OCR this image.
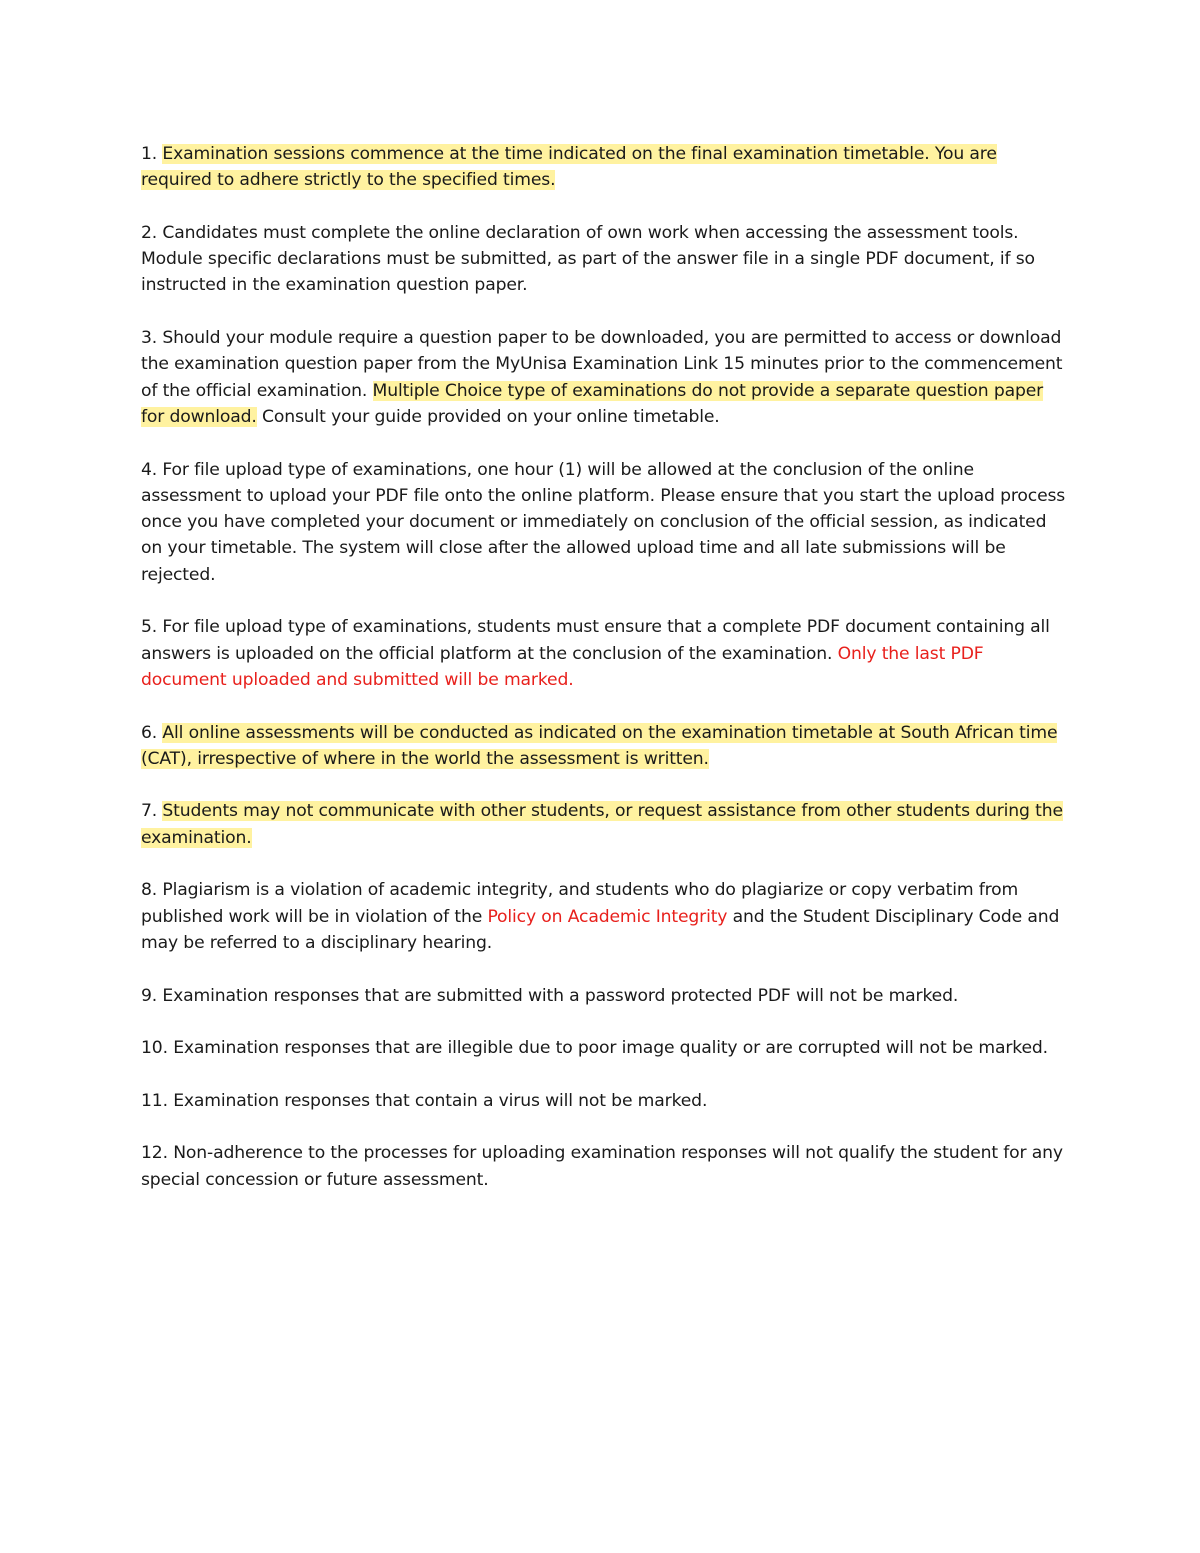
1. Examination sessions commence at the time indicated on the final examination timetable. You are required to adhere strictly to the specified times.

2. Candidates must complete the online declaration of own work when accessing the assessment tools. Module specific declarations must be submitted, as part of the answer file in a single PDF document, if so instructed in the examination question paper.

3. Should your module require a question paper to be downloaded, you are permitted to access or download the examination question paper from the MyUnisa Examination Link 15 minutes prior to the commencement of the official examination. Multiple Choice type of examinations do not provide a separate question paper for download. Consult your guide provided on your online timetable.

4. For file upload type of examinations, one hour (1) will be allowed at the conclusion of the online assessment to upload your PDF file onto the online platform. Please ensure that you start the upload process once you have completed your document or immediately on conclusion of the official session, as indicated on your timetable. The system will close after the allowed upload time and all late submissions will be rejected.

5. For file upload type of examinations, students must ensure that a complete PDF document containing all answers is uploaded on the official platform at the conclusion of the examination. Only the last PDF document uploaded and submitted will be marked.

6. All online assessments will be conducted as indicated on the examination timetable at South African time (CAT), irrespective of where in the world the assessment is written.

7. Students may not communicate with other students, or request assistance from other students during the examination.

8. Plagiarism is a violation of academic integrity, and students who do plagiarize or copy verbatim from published work will be in violation of the Policy on Academic Integrity and the Student Disciplinary Code and may be referred to a disciplinary hearing.

9. Examination responses that are submitted with a password protected PDF will not be marked.

10. Examination responses that are illegible due to poor image quality or are corrupted will not be marked.

11. Examination responses that contain a virus will not be marked.

12. Non-adherence to the processes for uploading examination responses will not qualify the student for any special concession or future assessment.
